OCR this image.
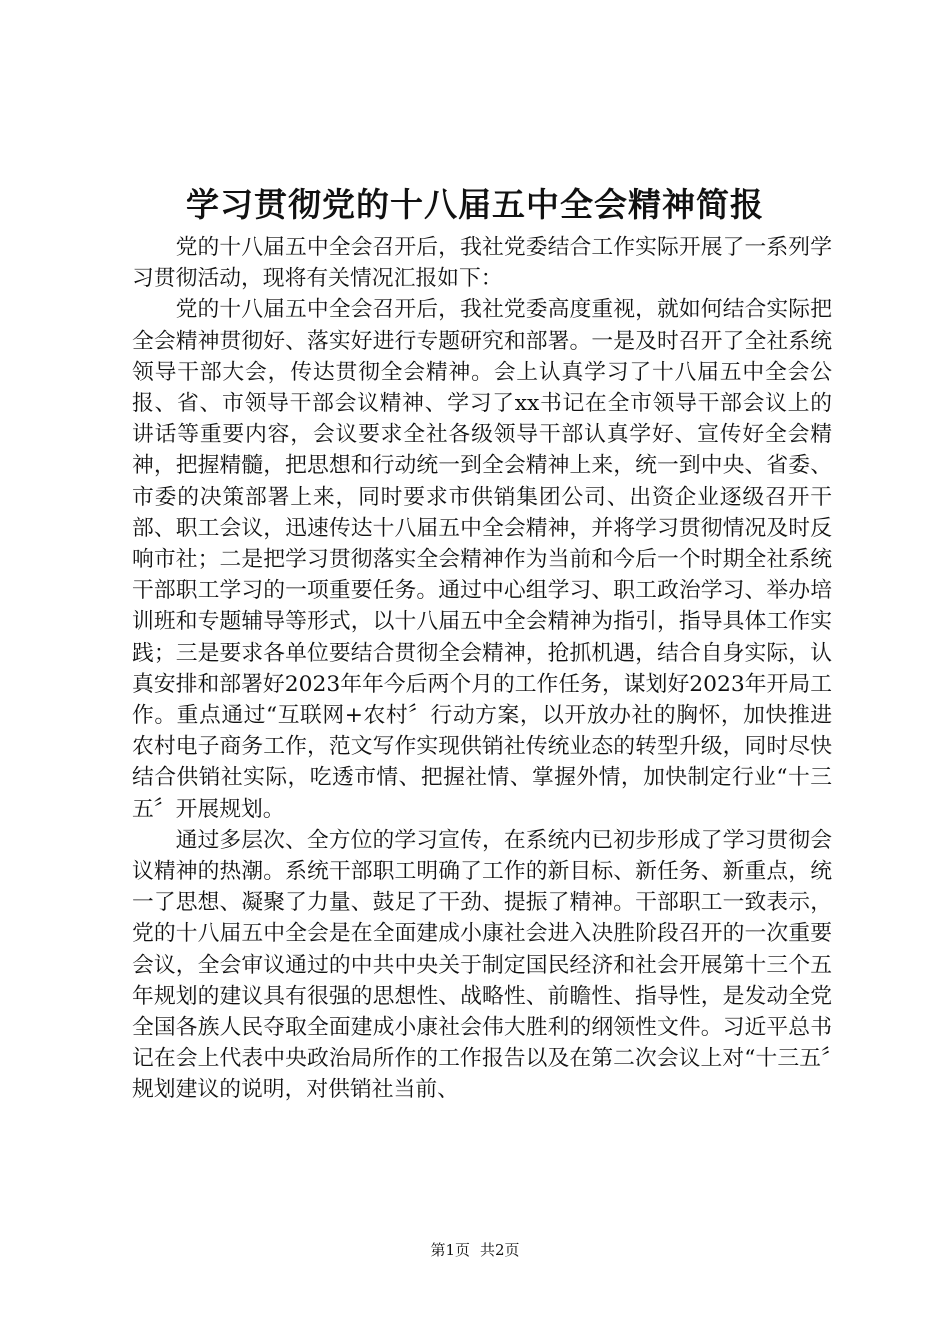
学习贯彻党的十八届五中全会精神简报

党的十八届五中全会召开后，我社党委结合工作实际开展了一系列学习贯彻活动，现将有关情况汇报如下：

党的十八届五中全会召开后，我社党委高度重视，就如何结合实际把全会精神贯彻好、落实好进行专题研究和部署。一是及时召开了全社系统领导干部大会，传达贯彻全会精神。会上认真学习了十八届五中全会公报、省、市领导干部会议精神、学习了xx书记在全市领导干部会议上的讲话等重要内容，会议要求全社各级领导干部认真学好、宣传好全会精神，把握精髓，把思想和行动统一到全会精神上来，统一到中央、省委、市委的决策部署上来，同时要求市供销集团公司、出资企业逐级召开干部、职工会议，迅速传达十八届五中全会精神，并将学习贯彻情况及时反响市社；二是把学习贯彻落实全会精神作为当前和今后一个时期全社系统干部职工学习的一项重要任务。通过中心组学习、职工政治学习、举办培训班和专题辅导等形式，以十八届五中全会精神为指引，指导具体工作实践；三是要求各单位要结合贯彻全会精神，抢抓机遇，结合自身实际，认真安排和部署好2023年年今后两个月的工作任务，谋划好2023年开局工作。重点通过“互联网+农村〞行动方案，以开放办社的胸怀，加快推进农村电子商务工作，范文写作实现供销社传统业态的转型升级，同时尽快结合供销社实际，吃透市情、把握社情、掌握外情，加快制定行业“十三五〞开展规划。

通过多层次、全方位的学习宣传，在系统内已初步形成了学习贯彻会议精神的热潮。系统干部职工明确了工作的新目标、新任务、新重点，统一了思想、凝聚了力量、鼓足了干劲、提振了精神。干部职工一致表示，党的十八届五中全会是在全面建成小康社会进入决胜阶段召开的一次重要会议，全会审议通过的中共中央关于制定国民经济和社会开展第十三个五年规划的建议具有很强的思想性、战略性、前瞻性、指导性，是发动全党全国各族人民夺取全面建成小康社会伟大胜利的纲领性文件。习近平总书记在会上代表中央政治局所作的工作报告以及在第二次会议上对“十三五〞规划建议的说明，对供销社当前、

第1页 共2页
